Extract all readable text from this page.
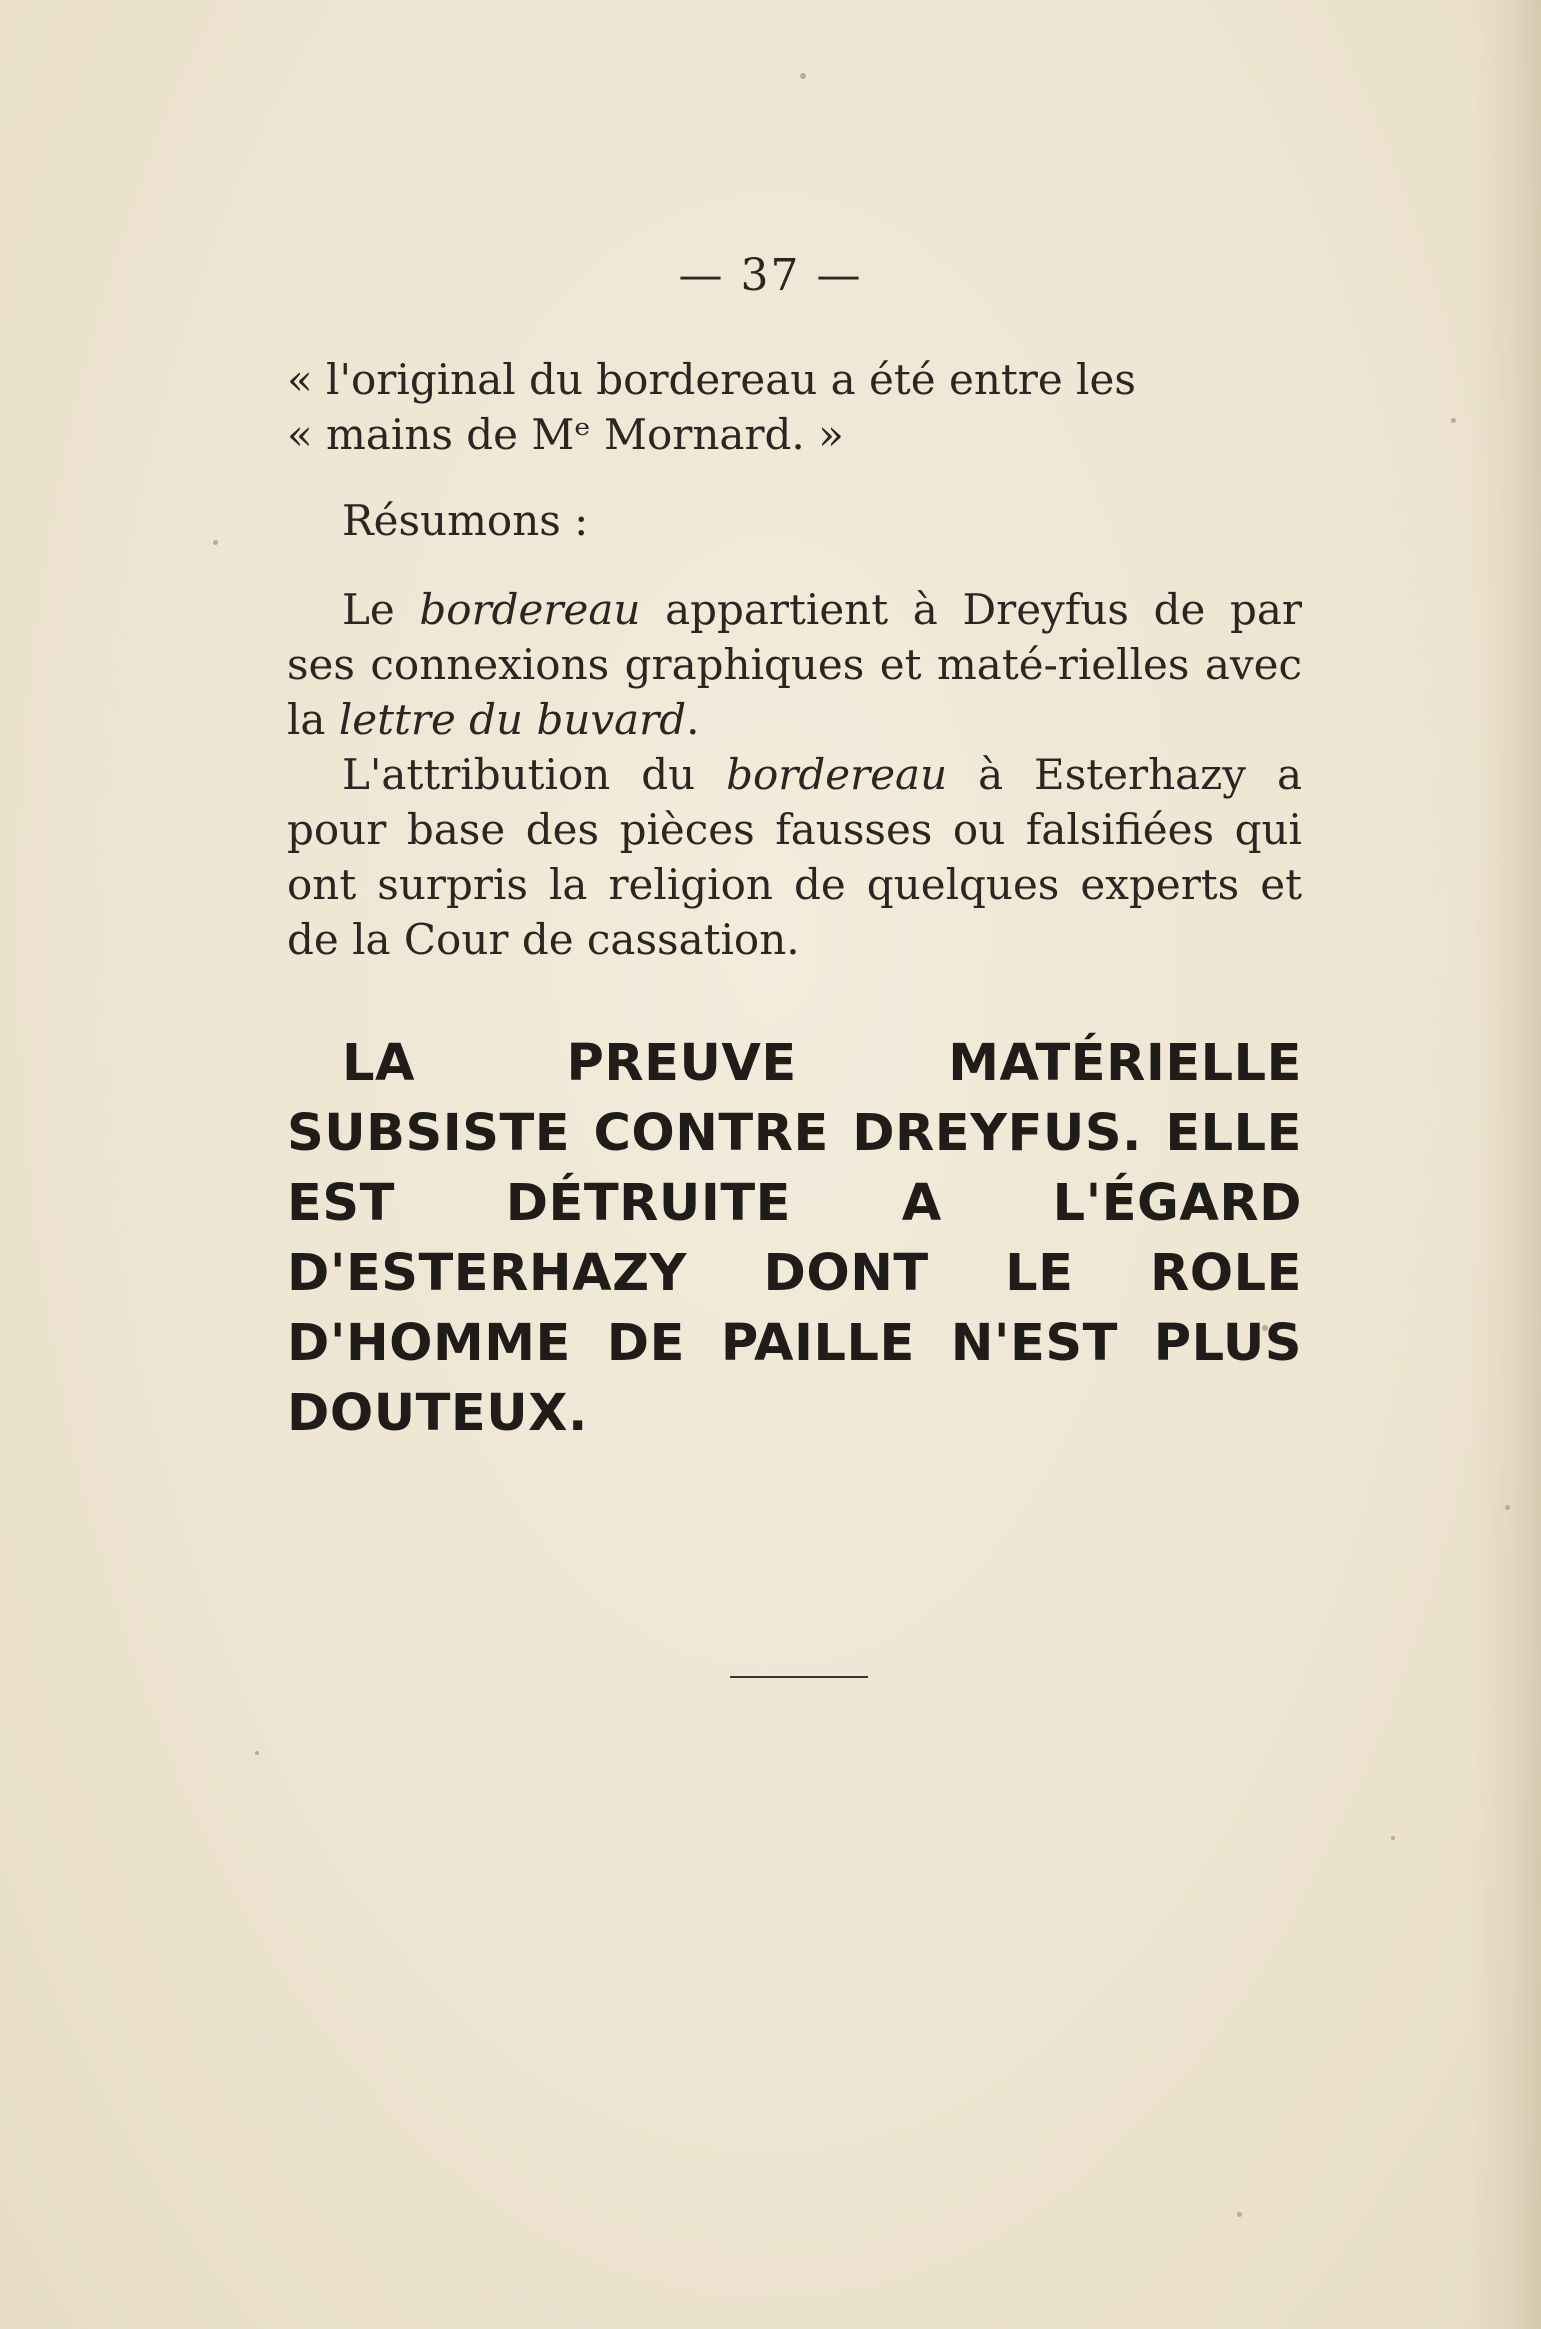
— 37 —

« l'original du bordereau a été entre les

« mains de Mᵉ Mornard. »

Résumons :

Le bordereau appartient à Dreyfus de par ses connexions graphiques et maté-rielles avec la lettre du buvard.

L'attribution du bordereau à Esterhazy a pour base des pièces fausses ou falsifiées qui ont surpris la religion de quelques experts et de la Cour de cassation.

LA PREUVE MATÉRIELLE SUBSISTE CONTRE DREYFUS. ELLE EST DÉTRUITE A L'ÉGARD D'ESTERHAZY DONT LE ROLE D'HOMME DE PAILLE N'EST PLUS DOUTEUX.
